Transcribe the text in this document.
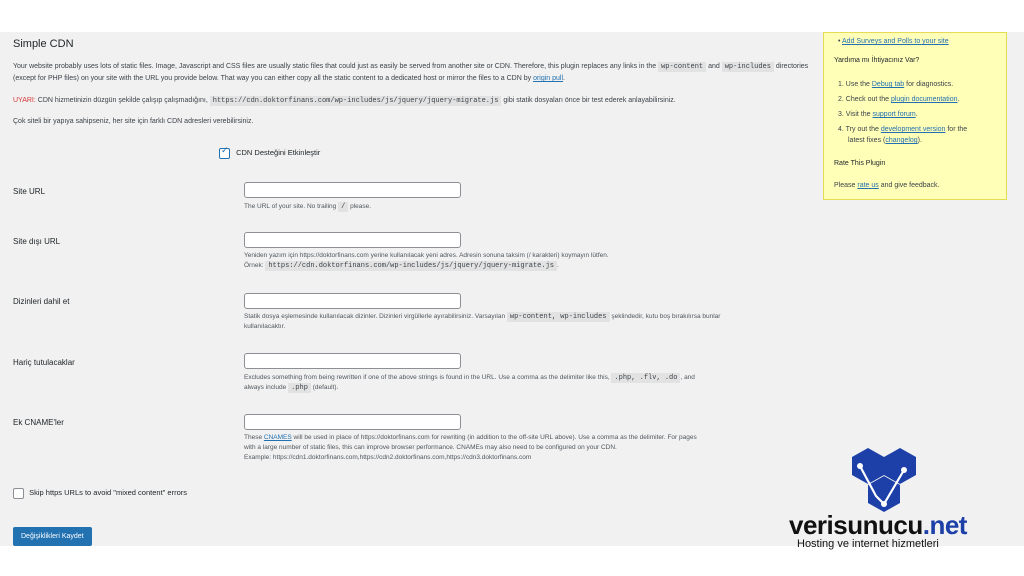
Simple CDN
Your website probably uses lots of static files. Image, Javascript and CSS files are usually static files that could just as easily be served from another site or CDN. Therefore, this plugin replaces any links in the wp-content and wp-includes directories (except for PHP files) on your site with the URL you provide below. That way you can either copy all the static content to a dedicated host or mirror the files to a CDN by origin pull.
UYARI: CDN hizmetinizin düzgün şekilde çalışıp çalışmadığını, https://cdn.doktorfinans.com/wp-includes/js/jquery/jquery-migrate.js gibi statik dosyaları önce bir test ederek anlayabilirsiniz.
Çok siteli bir yapıya sahipseniz, her site için farklı CDN adresleri verebilirsiniz.
✓ CDN Desteğini Etkinleştir
Site URL
The URL of your site. No trailing / please.
Site dışı URL
Yeniden yazım için https://doktorfinans.com yerine kullanılacak yeni adres. Adresin sonuna taksim (/ karakteri) koymayın lütfen.
Örnek: https://cdn.doktorfinans.com/wp-includes/js/jquery/jquery-migrate.js .
Dizinleri dahil et
Statik dosya eşlemesinde kullanılacak dizinler. Dizinleri virgüllerle ayırabilirsiniz. Varsayılan wp-content, wp-includes şeklindedir, kutu boş bırakılırsa bunlar
kullanılacaktır.
Hariç tutulacaklar
Excludes something from being rewritten if one of the above strings is found in the URL. Use a comma as the delimiter like this, .php, .flv, .do , and
always include .php (default).
Ek CNAME'ler
These CNAMES will be used in place of https://doktorfinans.com for rewriting (in addition to the off-site URL above). Use a comma as the delimiter. For pages
with a large number of static files, this can improve browser performance. CNAMEs may also need to be configured on your CDN.
Example: https://cdn1.doktorfinans.com,https://cdn2.doktorfinans.com,https://cdn3.doktorfinans.com
Skip https URLs to avoid "mixed content" errors
Değişiklikleri Kaydet
• Add Surveys and Polls to your site
Yardıma mı İhtiyacınız Var?
1. Use the Debug tab for diagnostics.
2. Check out the plugin documentation.
3. Visit the support forum.
4. Try out the development version for the
latest fixes (changelog).
Rate This Plugin
Please rate us and give feedback.
verisunucu.net
Hosting ve internet hizmetleri
